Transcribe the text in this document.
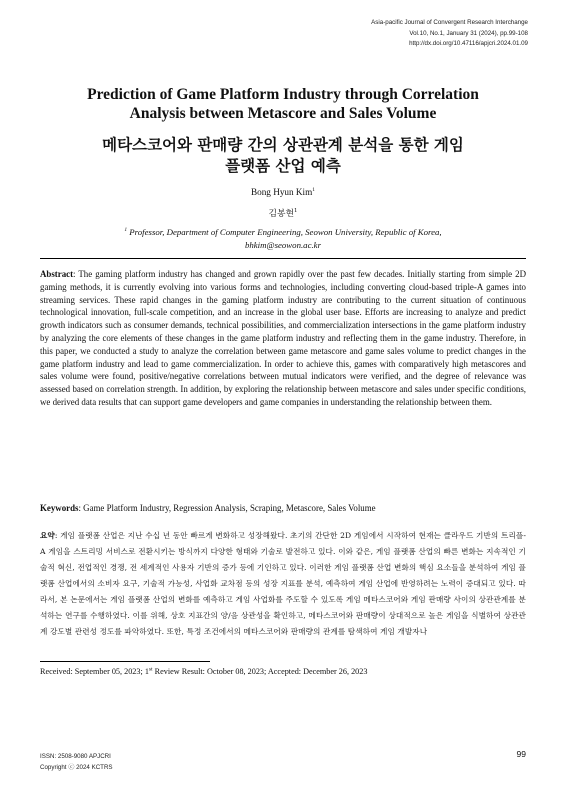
Asia-pacific Journal of Convergent Research Interchange
Vol.10, No.1, January 31 (2024), pp.99-108
http://dx.doi.org/10.47116/apjcri.2024.01.09
Prediction of Game Platform Industry through Correlation
Analysis between Metascore and Sales Volume
메타스코어와 판매량 간의 상관관계 분석을 통한 게임
플랫폼 산업 예측
Bong Hyun Kim$^1$
김봉현$^1$
$^1$ Professor, Department of Computer Engineering, Seowon University, Republic of Korea,
bhkim@seowon.ac.kr
Abstract: The gaming platform industry has changed and grown rapidly over the past few decades. Initially starting from simple 2D gaming methods, it is currently evolving into various forms and technologies, including converting cloud-based triple-A games into streaming services. These rapid changes in the gaming platform industry are contributing to the current situation of continuous technological innovation, full-scale competition, and an increase in the global user base. Efforts are increasing to analyze and predict growth indicators such as consumer demands, technical possibilities, and commercialization intersections in the game platform industry by analyzing the core elements of these changes in the game platform industry and reflecting them in the game industry. Therefore, in this paper, we conducted a study to analyze the correlation between game metascore and game sales volume to predict changes in the game platform industry and lead to game commercialization. In order to achieve this, games with comparatively high metascores and sales volume were found, positive/negative correlations between mutual indicators were verified, and the degree of relevance was assessed based on correlation strength. In addition, by exploring the relationship between metascore and sales under specific conditions, we derived data results that can support game developers and game companies in understanding the relationship between them.
Keywords: Game Platform Industry, Regression Analysis, Scraping, Metascore, Sales Volume
요약: 게임 플랫폼 산업은 지난 수십 년 동안 빠르게 변화하고 성장해왔다. 초기의 간단한 2D 게임에서 시작하여 현재는 클라우드 기반의 트리플-A 게임을 스트리밍 서비스로 전환시키는 방식까지 다양한 형태와 기술로 발전하고 있다. 이와 같은, 게임 플랫폼 산업의 빠른 변화는 지속적인 기술적 혁신, 전업적인 경쟁, 전 세계적인 사용자 기반의 증가 등에 기인하고 있다. 이러한 게임 플랫폼 산업 변화의 핵심 요소들을 분석하여 게임 플랫폼 산업에서의 소비자 요구, 기술적 가능성, 사업화 교차점 등의 성장 지표를 분석, 예측하여 게임 산업에 반영하려는 노력이 증대되고 있다. 따라서, 본 논문에서는 게임 플랫폼 산업의 변화를 예측하고 게임 사업화를 주도할 수 있도록 게임 메타스코어와 게임 판매량 사이의 상관관계를 분석하는 연구를 수행하였다. 이를 위해, 상호 지표간의 양/음 상관성을 확인하고, 메타스코어와 판매량이 상대적으로 높은 게임을 식별하여 상관관계 강도별 관련성 정도를 파악하였다. 또한, 특정 조건에서의 메타스코어와 판매량의 관계를 탐색하여 게임 개발자나
Received: September 05, 2023; 1st Review Result: October 08, 2023; Accepted: December 26, 2023
ISSN: 2508-9080 APJCRI
Copyright ⓒ 2024 KCTRS
99
